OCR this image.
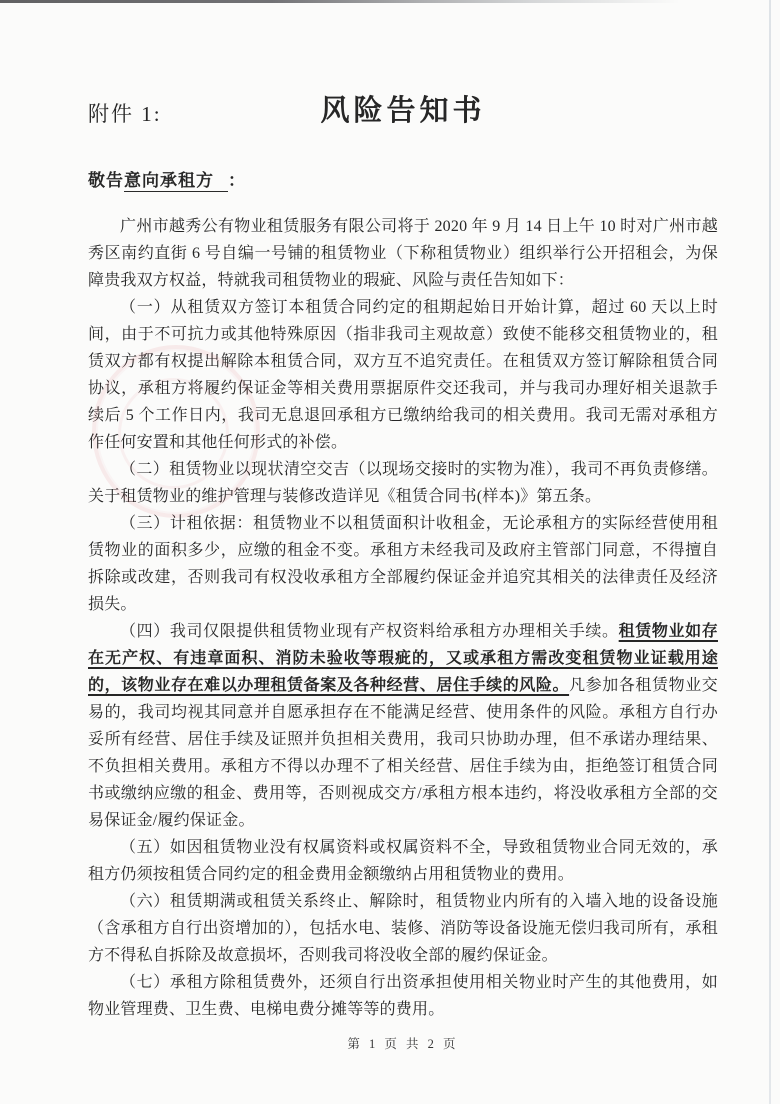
附件 1:	风险告知书

敬告意向承租方 ：

广州市越秀公有物业租赁服务有限公司将于 2020 年 9 月 14 日上午 10 时对广州市越秀区南约直街 6 号自编一号铺的租赁物业（下称租赁物业）组织举行公开招租会，为保障贵我双方权益，特就我司租赁物业的瑕疵、风险与责任告知如下：

（一）从租赁双方签订本租赁合同约定的租期起始日开始计算，超过 60 天以上时间，由于不可抗力或其他特殊原因（指非我司主观故意）致使不能移交租赁物业的，租赁双方都有权提出解除本租赁合同，双方互不追究责任。在租赁双方签订解除租赁合同协议，承租方将履约保证金等相关费用票据原件交还我司，并与我司办理好相关退款手续后 5 个工作日内，我司无息退回承租方已缴纳给我司的相关费用。我司无需对承租方作任何安置和其他任何形式的补偿。

（二）租赁物业以现状清空交吉（以现场交接时的实物为准），我司不再负责修缮。关于租赁物业的维护管理与装修改造详见《租赁合同书(样本)》第五条。

（三）计租依据：租赁物业不以租赁面积计收租金，无论承租方的实际经营使用租赁物业的面积多少，应缴的租金不变。承租方未经我司及政府主管部门同意，不得擅自拆除或改建，否则我司有权没收承租方全部履约保证金并追究其相关的法律责任及经济损失。

（四）我司仅限提供租赁物业现有产权资料给承租方办理相关手续。租赁物业如存在无产权、有违章面积、消防未验收等瑕疵的，又或承租方需改变租赁物业证载用途的，该物业存在难以办理租赁备案及各种经营、居住手续的风险。凡参加各租赁物业交易的，我司均视其同意并自愿承担存在不能满足经营、使用条件的风险。承租方自行办妥所有经营、居住手续及证照并负担相关费用，我司只协助办理，但不承诺办理结果、不负担相关费用。承租方不得以办理不了相关经营、居住手续为由，拒绝签订租赁合同书或缴纳应缴的租金、费用等，否则视成交方/承租方根本违约，将没收承租方全部的交易保证金/履约保证金。

（五）如因租赁物业没有权属资料或权属资料不全，导致租赁物业合同无效的，承租方仍须按租赁合同约定的租金费用金额缴纳占用租赁物业的费用。

（六）租赁期满或租赁关系终止、解除时，租赁物业内所有的入墙入地的设备设施（含承租方自行出资增加的），包括水电、装修、消防等设备设施无偿归我司所有，承租方不得私自拆除及故意损坏，否则我司将没收全部的履约保证金。

（七）承租方除租赁费外，还须自行出资承担使用相关物业时产生的其他费用，如物业管理费、卫生费、电梯电费分摊等等的费用。

第 1 页 共 2 页
